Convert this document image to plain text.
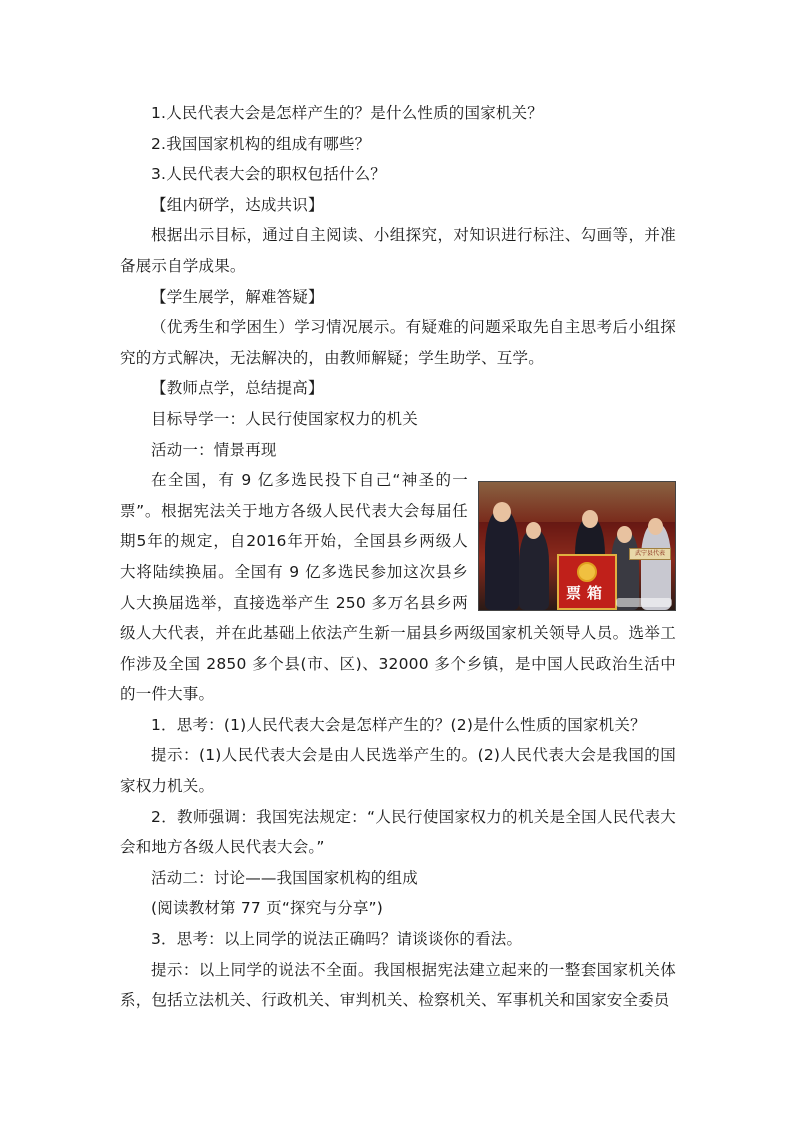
1.人民代表大会是怎样产生的？是什么性质的国家机关？

2.我国国家机构的组成有哪些？

3.人民代表大会的职权包括什么？

【组内研学，达成共识】

根据出示目标，通过自主阅读、小组探究，对知识进行标注、勾画等，并准备展示自学成果。

【学生展学，解难答疑】

（优秀生和学困生）学习情况展示。有疑难的问题采取先自主思考后小组探究的方式解决，无法解决的，由教师解疑；学生助学、互学。

【教师点学，总结提高】

目标导学一：人民行使国家权力的机关

活动一：情景再现

票箱
武宁县代表

在全国，有 9 亿多选民投下自己“神圣的一票”。根据宪法关于地方各级人民代表大会每届任期5年的规定，自2016年开始，全国县乡两级人大将陆续换届。全国有 9 亿多选民参加这次县乡人大换届选举，直接选举产生 250 多万名县乡两级人大代表，并在此基础上依法产生新一届县乡两级国家机关领导人员。选举工作涉及全国 2850 多个县(市、区)、32000 多个乡镇，是中国人民政治生活中的一件大事。

1．思考：(1)人民代表大会是怎样产生的？(2)是什么性质的国家机关？

提示：(1)人民代表大会是由人民选举产生的。(2)人民代表大会是我国的国家权力机关。

2．教师强调：我国宪法规定：“人民行使国家权力的机关是全国人民代表大会和地方各级人民代表大会。”

活动二：讨论——我国国家机构的组成

(阅读教材第 77 页“探究与分享”)

3．思考：以上同学的说法正确吗？请谈谈你的看法。

提示：以上同学的说法不全面。我国根据宪法建立起来的一整套国家机关体系，包括立法机关、行政机关、审判机关、检察机关、军事机关和国家安全委员
